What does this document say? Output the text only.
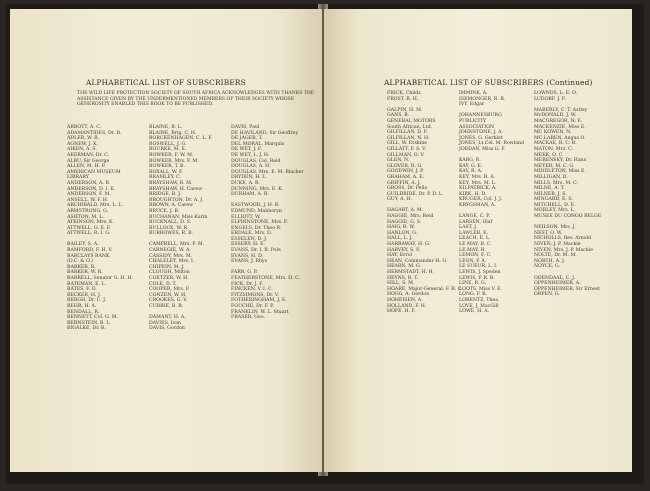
ALPHABETICAL LIST OF SUBSCRIBERS
THE WILD LIFE PROTECTION SOCIETY OF SOUTH AFRICA ACKNOWLEDGES WITH THANKS THE ASSISTANCE GIVEN BY THE UNDERMENTIONED MEMBERS OF THEIR SOCIETY WHOSE GENEROSITY ENABLED THIS BOOK TO BE PUBLISHED.
ABBOTT, A. C.
ADAMANTIDES, Dr. D.
ADLER, W. R.
AGNEW, J. K.
AIKEN, A. S.
AKERMAN, Dr. C.
ALBU, Sir George
ALLEN, M. H. P.
AMERICAN MUSEUM
LIBRARY
ANDERSON, A. R.
ANDERSON, D. I. E.
ANDERSON, F. M.
ANSELL, W. F. H.
ARCHIBALD, Mrs. L. L.
ARMSTRONG, G.
ASHTON, M. L.
ATKINSON, Mrs. K.
ATTWELL, G. E. F.
ATTWELL, R. I. G.
BAILEY, S. A.
BAMFORD, F. H. V.
BARCLAYS BANK
(D.C. & O.)
BARKER, R.
BARKER, W. R.
BARRELL, Senator G. H. H.
BATEMAN, E. L.
BATES, F. O.
BECKER, H. J.
BERGH, Dr. C. J.
BEHR, H. A.
BENDALL, R.
BENNETT, Col. G. M.
BERNSTEIN, B. L.
BIGALKE, Dr. R.
BLAINE, B. L.
BLAINE, Brig. C. H.
BORCKENHAGEN, C. L. F.
BOSWELL, J. G.
BOURKE, M. E.
BOWKER, F. W. M.
BOWKER, Mrs. F. M.
BOWKER, T. B.
BOXALL, W. F.
BRAMLEY, C.
BRAYSHAW, B. M.
BRAYSHAW, H. Carew
BRIDGE, B. J.
BROUGHTON, Dr. A. J.
BROWN, A. Carew
BRUCE, J. B.
BUCHANAN, Miss Karin
BUCKNALL, D. S.
BULLOCK, W. R.
BURROWES, R. B.
CAMPBELL, Mrs. F. M.
CARNEGIE, W. A.
CASSIDY, Mrs. M.
CHALELEY, Mrs. I.
CHIPEIN, M. J.
CLOUGH, Milton
COETZER, W. H.
COLE, D. T.
COOPER, Mrs. F.
CONZEN, W. H.
CROOKES, G. V.
CURRIE, B. R.
DAMANT, H. A.
DAVIES, Ivan
DAVIS, Gordon
DAVIS, Paul
DE HAVILAND, Sir Geoffrey
DE JAGER, T.
DEL MORAL, Marquis
DE WET, J. F.
DE WET, L. J. H.
DOUGLAS, Col. Reid
DOUGLAS, A. H.
DOUGLAS, Mrs. E. M. Blacker
DRYDEN, H. L.
DUKE, A. R.
DUNNING, Mrs. E. K.
DURHAM, A. R.
EASTWOOD, J. H. R.
EDMUND, Mabberyn
ELLIOTT, W.
ELPHINSTONE, Mrs. F.
ENGELS, Dr. Theo R.
ERDALE, Mrs. D.
ESSELEN, D. J.
ESSERY, H. E.
EVANS, Dr. I. B. Pole
EVANS, H. D.
EVANS, J. Rhys
FARR, G. P.
FEATHERSTONE, Mrs. H. C.
FICK, Dr. J. F.
FINCKEN, V. I. C.
FITZSIMONS, Dr. V.
FOTHERINGHAM, J. S.
FOUCHE, Dr. F. P.
FRANKLIN, W. L. Stuart
FRASER, Geo.
ALPHABETICAL LIST OF SUBSCRIBERS (Continued)
FRICK, Childs
FROST, R. H.
GALPIN, H. M.
GANS, B.
GENERAL MOTORS
South African, Ltd.
GILFILLAN, D. F.
GILFILLAN, N. H.
GILL, W. Erskine
GILLATT, F. S. V.
GILLMAN, O. V.
GLEN, N.
GLOVER, R. G.
GOODWIN, J. P.
GRAHAM, A. E.
GRIFFIN, A. J.
GROSS, Dr. Pello
GUILBRIDE, Dr. P. D. L.
GUY, A. H.
HAGART, A. M.
HAGGIE, Mrs. Reid
HAGGIE, G. S.
HAIG, R. W.
HANLON, G.
HALL, L. J.
HARRAWAY, H. G.
HARVEY, S. F.
HAY, Errol
HEAN, Commander H. G.
HEARN, M. G.
HERMSTADT, H. H.
HEYNS, R. T.
HILL, S. M.
HOARE, Major-General, F. R. C.
HOGG, A. Gordon
HOHEISEN, A.
HOLLAND, F. H.
HOPE, H. F.
IMMINK, A.
ISEMONGER, R. R.
IVY, Edgar
JOHANNESBURG
PUBLICITY
ASSOCIATION
JOHNSTONE, J. A.
JONES, G. Gerhlet
JONES, Lt.Col. M. Rowland
JORDAN, Miss G. F.
KARG, R.
KAY, G. E.
KAY, R. A.
KEY, Mrs. R. A.
KEY, Mrs. M. L.
KILPATRICK, A.
KIRK, H. D.
KRUGER, Col. J. J.
KRYGSMAN, A.
LANGE, C. P.
LARSEN, Olaf
LAST, J.
LAWLER, E.
LEACH, E. L.
LE MAY, B. C.
LE MAY, H.
LEMON, F. C.
LEON, P. A.
LE SUEUR, L. I.
LEWIS, J. Speden
LEWIS, P. R. B.
LINE, R. G.
LOOTS, Miss V. E.
LONG, F. R.
LORENTZ, Thea
LOVE, J. MacGill
LOWE, H. A.
LOWNDS, L. E. O.
LUDORF, J. F.
MABERLY, C. T. Astley
McDONALD, J. W.
MACGREGOR, N. E.
MACKENZIE, Miss E.
MC KOWEN, N.
MC LAREN, Angus O.
MACKAE, R. C. B.
MATON, Mrs. C.
MEEK, O. C.
MERENSKY, Dr. Hans
MEYER, M. C. G.
MIDDLETON, Miss E.
MILLIGAN, D.
MILLS, Mrs. M. C.
MILNE, A. T.
MILNER, J. S.
MINGARD, E. S.
MITCHELL, D. E.
MORLEY, Mrs. L.
MUSEE DU CONGO BELGE
NEILSON, Mrs. J.
NEST, O. W.
NICHOLLS, Rev. Arnold
NIVEN, J. P. Mackie
NIVEN, Mrs. J. P. Mackie
NOLTE, Dr. M. M.
NORTH, A. J.
NOYCE, G.
ODENDAAL, C. J.
OPPENHEIMER, A.
OPPENHEIMER, Sir Ernest
ORPEN, G.
